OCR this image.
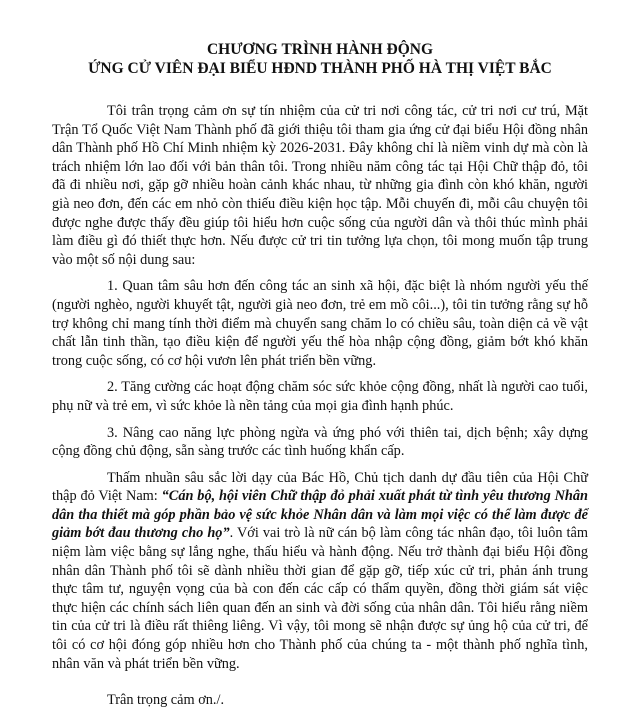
CHƯƠNG TRÌNH HÀNH ĐỘNG

ỨNG CỬ VIÊN ĐẠI BIỂU HĐND THÀNH PHỐ HÀ THỊ VIỆT BẮC

Tôi trân trọng cảm ơn sự tín nhiệm của cử tri nơi công tác, cử tri nơi cư trú, Mặt Trận Tổ Quốc Việt Nam Thành phố đã giới thiệu tôi tham gia ứng cử đại biểu Hội đồng nhân dân Thành phố Hồ Chí Minh nhiệm kỳ 2026-2031. Đây không chỉ là niềm vinh dự mà còn là trách nhiệm lớn lao đối với bản thân tôi. Trong nhiều năm công tác tại Hội Chữ thập đỏ, tôi đã đi nhiều nơi, gặp gỡ nhiều hoàn cảnh khác nhau, từ những gia đình còn khó khăn, người già neo đơn, đến các em nhỏ còn thiếu điều kiện học tập. Mỗi chuyến đi, mỗi câu chuyện tôi được nghe được thấy đều giúp tôi hiểu hơn cuộc sống của người dân và thôi thúc mình phải làm điều gì đó thiết thực hơn. Nếu được cử tri tin tưởng lựa chọn, tôi mong muốn tập trung vào một số nội dung sau:

1. Quan tâm sâu hơn đến công tác an sinh xã hội, đặc biệt là nhóm người yếu thế (người nghèo, người khuyết tật, người già neo đơn, trẻ em mồ côi...), tôi tin tưởng rằng sự hỗ trợ không chỉ mang tính thời điểm mà chuyển sang chăm lo có chiều sâu, toàn diện cả về vật chất lẫn tinh thần, tạo điều kiện để người yếu thế hòa nhập cộng đồng, giảm bớt khó khăn trong cuộc sống, có cơ hội vươn lên phát triển bền vững.

2. Tăng cường các hoạt động chăm sóc sức khỏe cộng đồng, nhất là người cao tuổi, phụ nữ và trẻ em, vì sức khỏe là nền tảng của mọi gia đình hạnh phúc.

3. Nâng cao năng lực phòng ngừa và ứng phó với thiên tai, dịch bệnh; xây dựng cộng đồng chủ động, sẵn sàng trước các tình huống khẩn cấp.

Thấm nhuần sâu sắc lời dạy của Bác Hồ, Chủ tịch danh dự đầu tiên của Hội Chữ thập đỏ Việt Nam: “Cán bộ, hội viên Chữ thập đỏ phải xuất phát từ tình yêu thương Nhân dân tha thiết mà góp phần bảo vệ sức khỏe Nhân dân và làm mọi việc có thể làm được để giảm bớt đau thương cho họ”. Với vai trò là nữ cán bộ làm công tác nhân đạo, tôi luôn tâm niệm làm việc bằng sự lắng nghe, thấu hiểu và hành động. Nếu trở thành đại biểu Hội đồng nhân dân Thành phố tôi sẽ dành nhiều thời gian để gặp gỡ, tiếp xúc cử tri, phản ánh trung thực tâm tư, nguyện vọng của bà con đến các cấp có thẩm quyền, đồng thời giám sát việc thực hiện các chính sách liên quan đến an sinh và đời sống của nhân dân. Tôi hiểu rằng niềm tin của cử tri là điều rất thiêng liêng. Vì vậy, tôi mong sẽ nhận được sự ủng hộ của cử tri, để tôi có cơ hội đóng góp nhiều hơn cho Thành phố của chúng ta - một thành phố nghĩa tình, nhân văn và phát triển bền vững.

Trân trọng cảm ơn./.
